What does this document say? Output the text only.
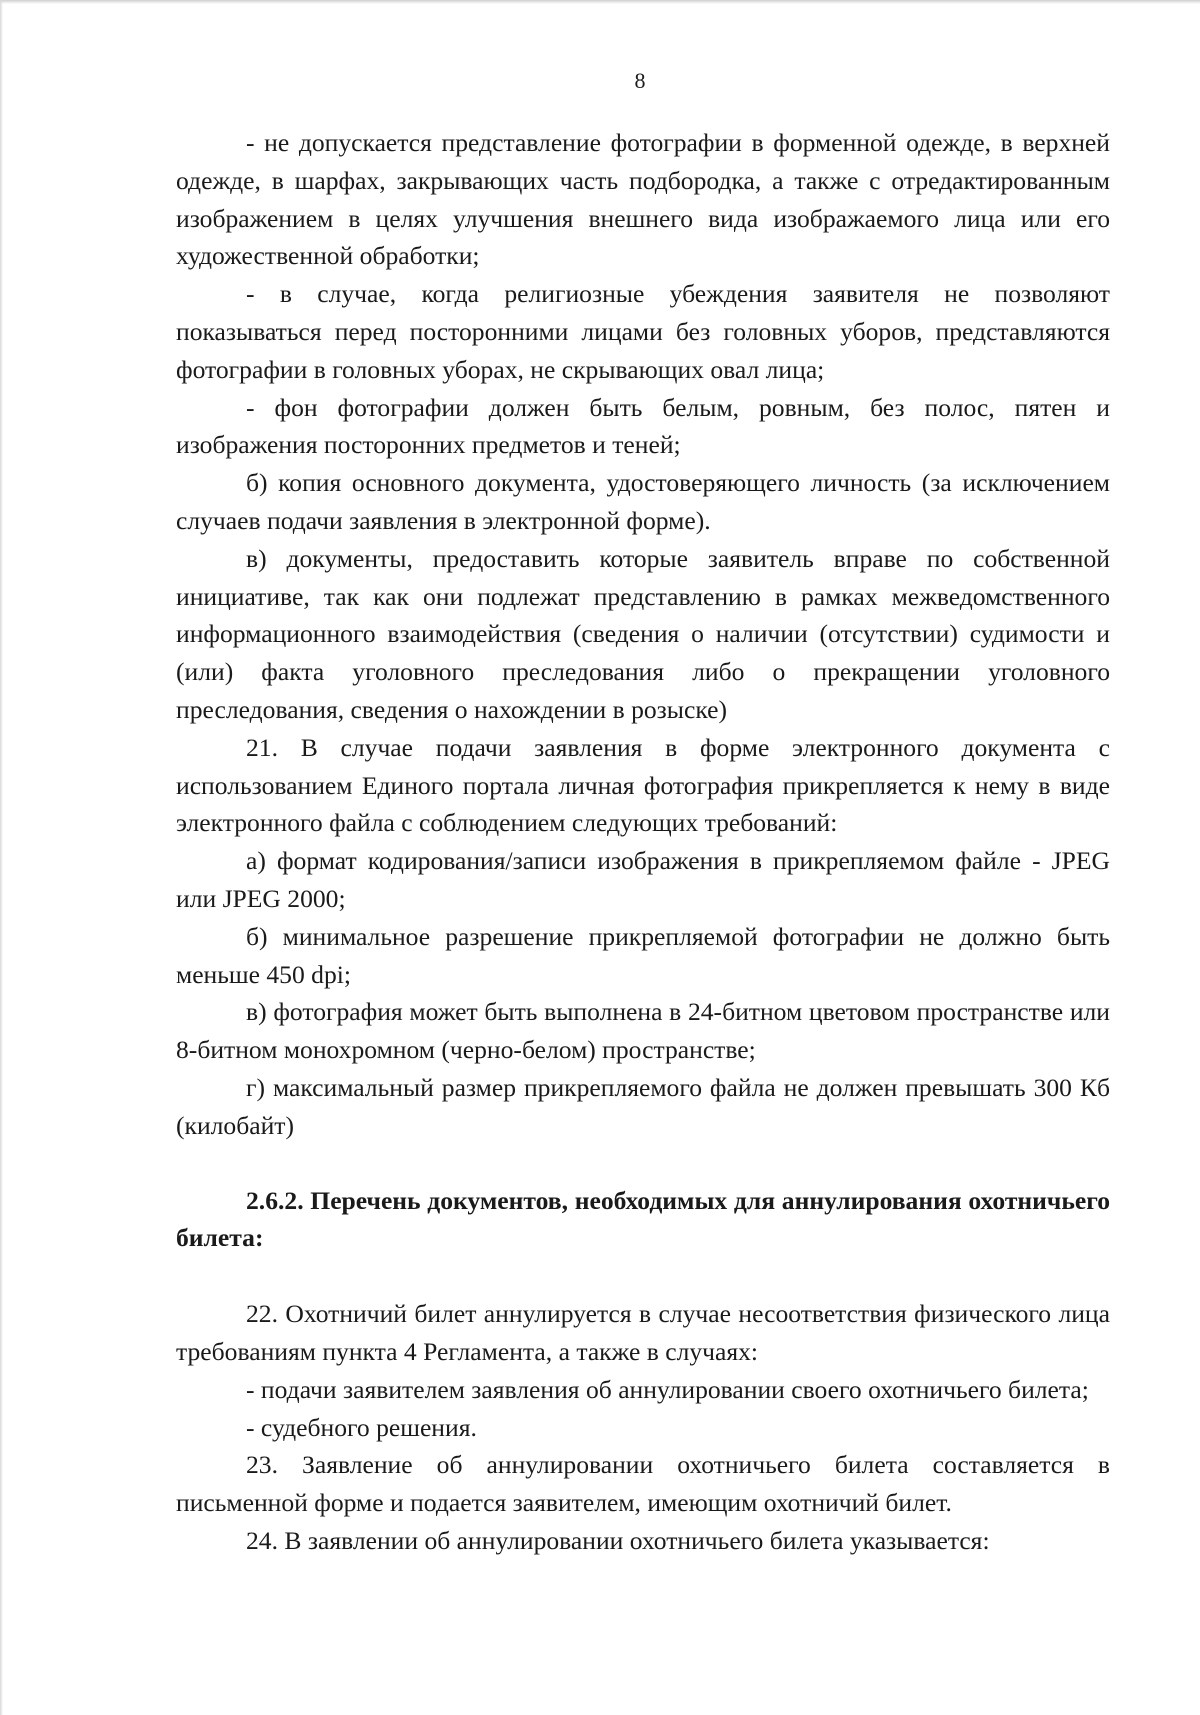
8

- не допускается представление фотографии в форменной одежде, в верхней одежде, в шарфах, закрывающих часть подбородка, а также с отредактированным изображением в целях улучшения внешнего вида изображаемого лица или его художественной обработки;

- в случае, когда религиозные убеждения заявителя не позволяют показываться перед посторонними лицами без головных уборов, представляются фотографии в головных уборах, не скрывающих овал лица;

- фон фотографии должен быть белым, ровным, без полос, пятен и изображения посторонних предметов и теней;

б) копия основного документа, удостоверяющего личность (за исключением случаев подачи заявления в электронной форме).

в) документы, предоставить которые заявитель вправе по собственной инициативе, так как они подлежат представлению в рамках межведомственного информационного взаимодействия (сведения о наличии (отсутствии) судимости и (или) факта уголовного преследования либо о прекращении уголовного преследования, сведения о нахождении в розыске)

21. В случае подачи заявления в форме электронного документа с использованием Единого портала личная фотография прикрепляется к нему в виде электронного файла с соблюдением следующих требований:

а) формат кодирования/записи изображения в прикрепляемом файле - JPEG или JPEG 2000;

б) минимальное разрешение прикрепляемой фотографии не должно быть меньше 450 dpi;

в) фотография может быть выполнена в 24-битном цветовом пространстве или 8-битном монохромном (черно-белом) пространстве;

г) максимальный размер прикрепляемого файла не должен превышать 300 Кб (килобайт)

2.6.2. Перечень документов, необходимых для аннулирования охотничьего билета:

22. Охотничий билет аннулируется в случае несоответствия физического лица требованиям пункта 4 Регламента, а также в случаях:

- подачи заявителем заявления об аннулировании своего охотничьего билета;

- судебного решения.

23. Заявление об аннулировании охотничьего билета составляется в письменной форме и подается заявителем, имеющим охотничий билет.

24. В заявлении об аннулировании охотничьего билета указывается:
